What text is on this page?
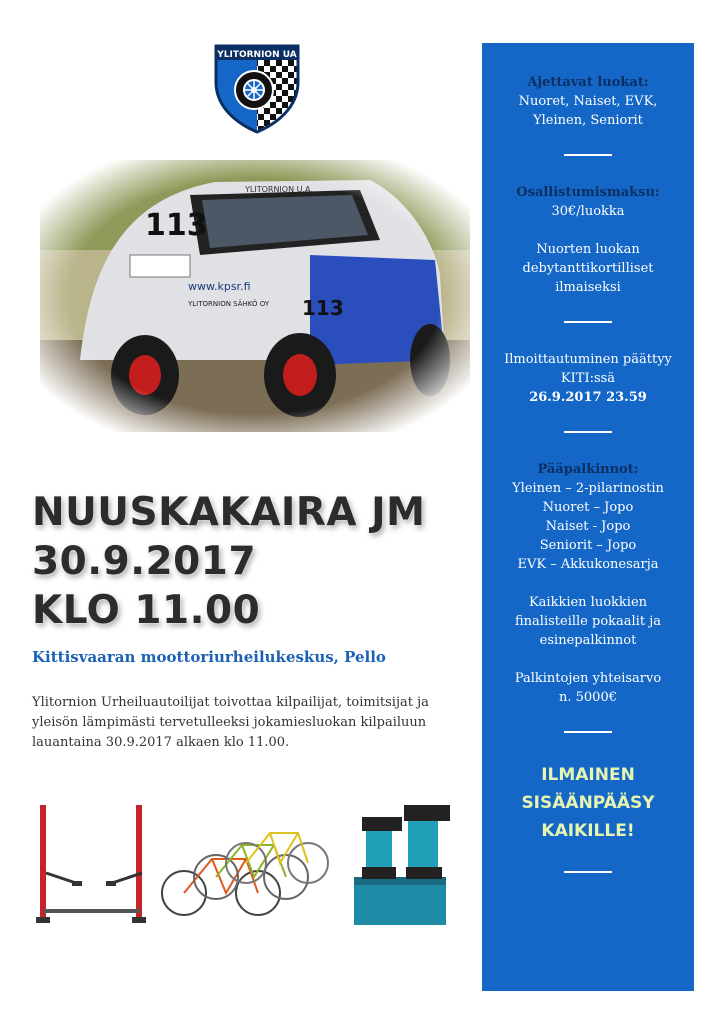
YLITORNION UA
NUUSKAKAIRA JM
30.9.2017
KLO 11.00
Kittisvaaran moottoriurheilukeskus, Pello
Ylitornion Urheiluautoilijat toivottaa kilpailijat, toimitsijat ja yleisön lämpimästi tervetulleeksi jokamiesluokan kilpailuun lauantaina 30.9.2017 alkaen klo 11.00.
Ajettavat luokat:
Nuoret, Naiset, EVK,
Yleinen, Seniorit
Osallistumismaksu:
30€/luokka
Nuorten luokan
debytanttikortilliset
ilmaiseksi
Ilmoittautuminen päättyy
KITI:ssä
26.9.2017 23.59
Pääpalkinnot:
Yleinen – 2-pilarinostin
Nuoret – Jopo
Naiset - Jopo
Seniorit – Jopo
EVK – Akkukonesarja
Kaikkien luokkien
finalisteille pokaalit ja
esinepalkinnot
Palkintojen yhteisarvo
n. 5000€
ILMAINEN
SISÄÄNPÄÄSY
KAIKILLE!
